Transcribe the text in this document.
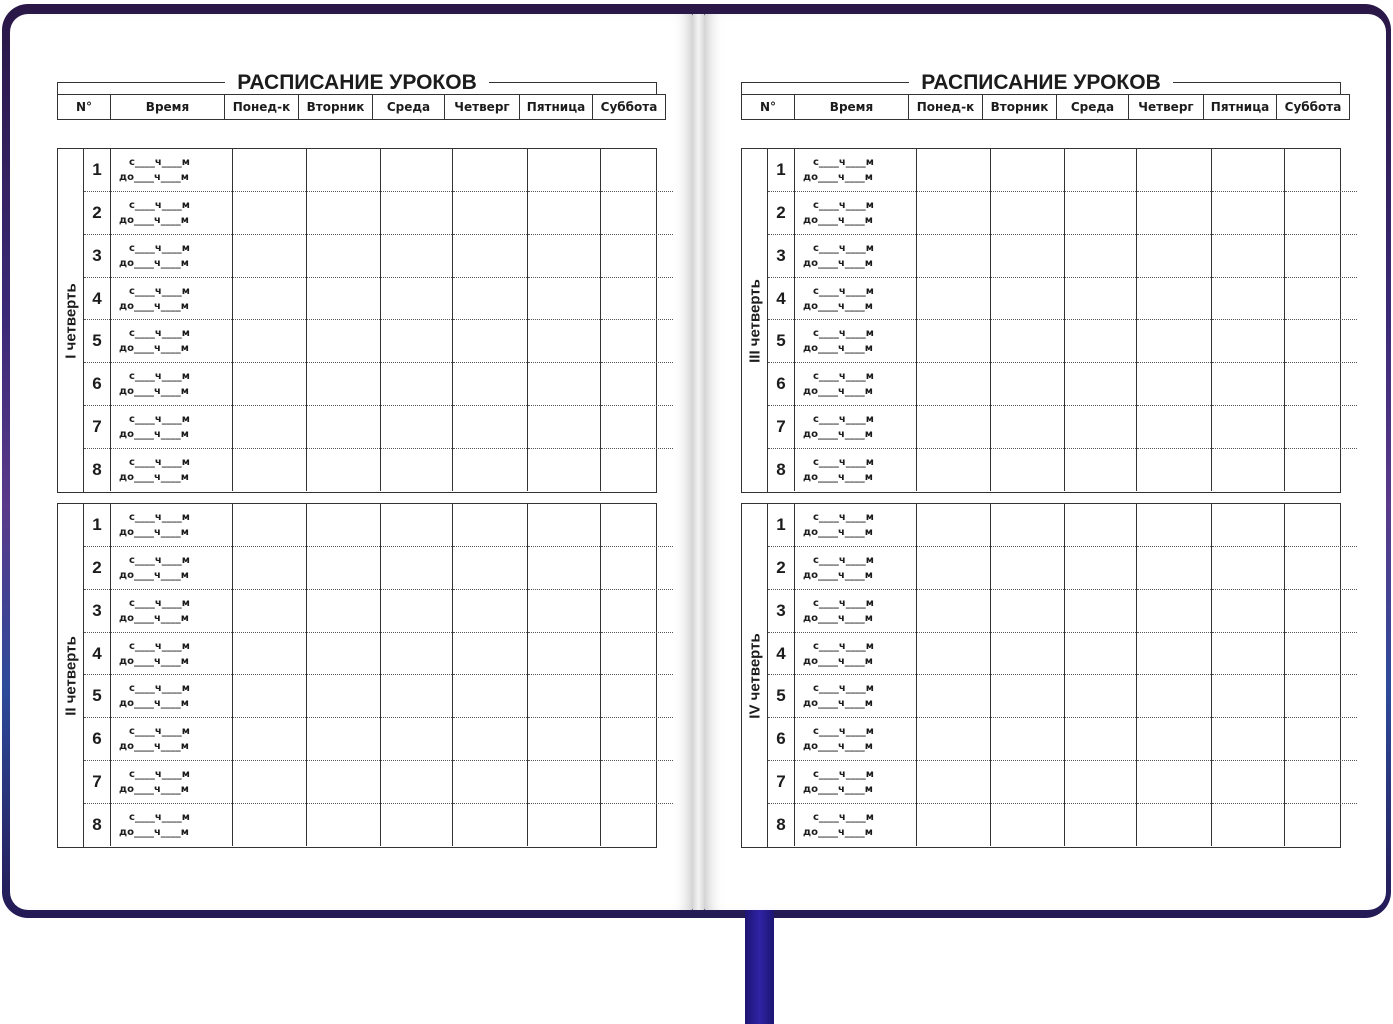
РАСПИСАНИЕ УРОКОВ
N°	Время	Понед-к	Вторник	Среда	Четверг	Пятница	Суббота
I четверть
1	с____ч____м
до____ч____м						

2	с____ч____м
до____ч____м						

3	с____ч____м
до____ч____м						

4	с____ч____м
до____ч____м						

5	с____ч____м
до____ч____м						

6	с____ч____м
до____ч____м						

7	с____ч____м
до____ч____м						

8	с____ч____м
до____ч____м						

II четверть
1	с____ч____м
до____ч____м						

2	с____ч____м
до____ч____м						

3	с____ч____м
до____ч____м						

4	с____ч____м
до____ч____м						

5	с____ч____м
до____ч____м						

6	с____ч____м
до____ч____м						

7	с____ч____м
до____ч____м						

8	с____ч____м
до____ч____м						

РАСПИСАНИЕ УРОКОВ
N°	Время	Понед-к	Вторник	Среда	Четверг	Пятница	Суббота
III четверть
1	с____ч____м
до____ч____м						

2	с____ч____м
до____ч____м						

3	с____ч____м
до____ч____м						

4	с____ч____м
до____ч____м						

5	с____ч____м
до____ч____м						

6	с____ч____м
до____ч____м						

7	с____ч____м
до____ч____м						

8	с____ч____м
до____ч____м						

IV четверть
1	с____ч____м
до____ч____м						

2	с____ч____м
до____ч____м						

3	с____ч____м
до____ч____м						

4	с____ч____м
до____ч____м						

5	с____ч____м
до____ч____м						

6	с____ч____м
до____ч____м						

7	с____ч____м
до____ч____м						

8	с____ч____м
до____ч____м						
